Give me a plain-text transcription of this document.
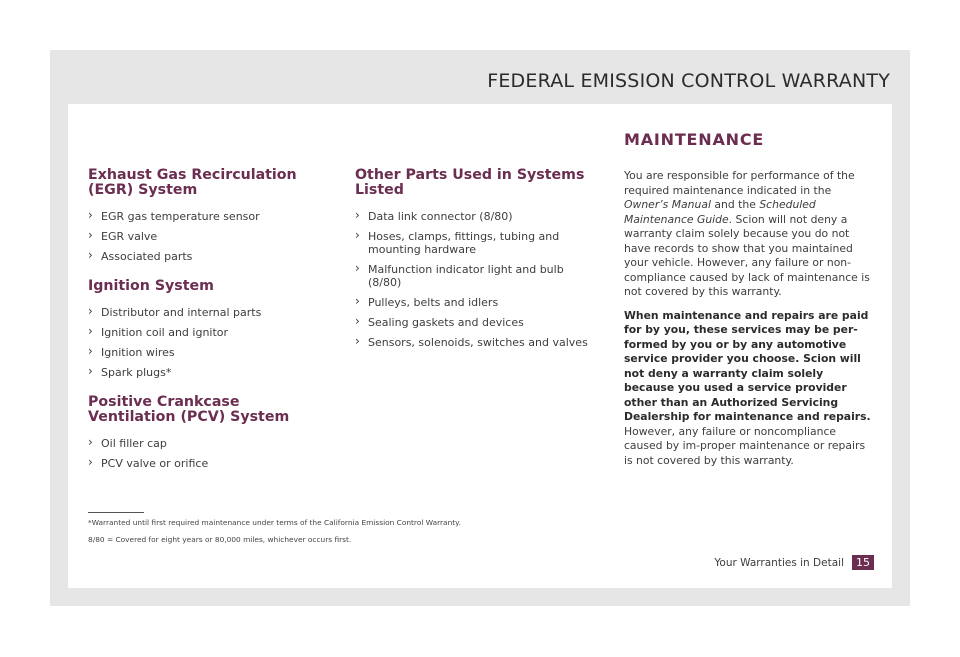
FEDERAL EMISSION CONTROL WARRANTY
Exhaust Gas Recirculation (EGR) System
› EGR gas temperature sensor
› EGR valve
› Associated parts
Ignition System
› Distributor and internal parts
› Ignition coil and ignitor
› Ignition wires
› Spark plugs*
Positive Crankcase Ventilation (PCV) System
› Oil filler cap
› PCV valve or orifice
Other Parts Used in Systems Listed
› Data link connector (8/80)
› Hoses, clamps, fittings, tubing and mounting hardware
› Malfunction indicator light and bulb (8/80)
› Pulleys, belts and idlers
› Sealing gaskets and devices
› Sensors, solenoids, switches and valves
MAINTENANCE

You are responsible for performance of the required maintenance indicated in the Owner’s Manual and the Scheduled Maintenance Guide. Scion will not deny a warranty claim solely because you do not have records to show that you maintained your vehicle. However, any failure or non-compliance caused by lack of maintenance is not covered by this warranty.

When maintenance and repairs are paid for by you, these services may be per-formed by you or by any automotive service provider you choose. Scion will not deny a warranty claim solely because you used a service provider other than an Authorized Servicing Dealership for maintenance and repairs. However, any failure or noncompliance caused by im-proper maintenance or repairs is not covered by this warranty.

*Warranted until first required maintenance under terms of the California Emission Control Warranty.
8/80 = Covered for eight years or 80,000 miles, whichever occurs first.
Your Warranties in Detail	15
